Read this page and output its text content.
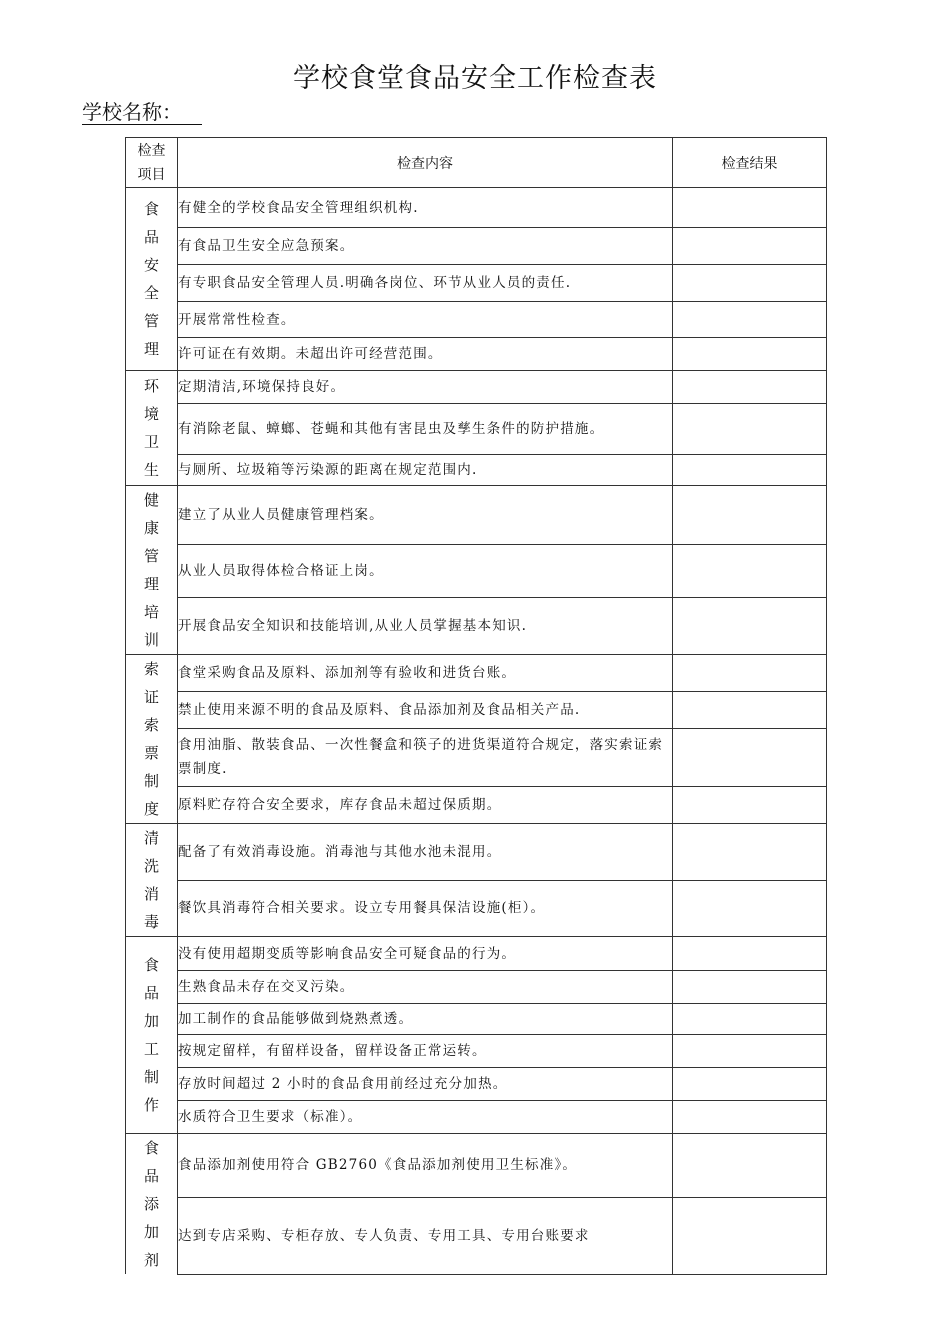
学校食堂食品安全工作检查表
学校名称：
检查项目	检查内容	检查结果
食品安全管理	有健全的学校食品安全管理组织机构.	
	有食品卫生安全应急预案。	
	有专职食品安全管理人员.明确各岗位、环节从业人员的责任.	
	开展常常性检查。	
	许可证在有效期。未超出许可经营范围。	
环境卫生	定期清洁,环境保持良好。	
	有消除老鼠、蟑螂、苍蝇和其他有害昆虫及孳生条件的防护措施。	
	与厕所、垃圾箱等污染源的距离在规定范围内.	
健康管理培训	建立了从业人员健康管理档案。	
	从业人员取得体检合格证上岗。	
	开展食品安全知识和技能培训,从业人员掌握基本知识.	
索证索票制度	食堂采购食品及原料、添加剂等有验收和进货台账。	
	禁止使用来源不明的食品及原料、食品添加剂及食品相关产品.	
	食用油脂、散装食品、一次性餐盒和筷子的进货渠道符合规定，落实索证索票制度.	
	原料贮存符合安全要求，库存食品未超过保质期。	
清洗消毒	配备了有效消毒设施。消毒池与其他水池未混用。	
	餐饮具消毒符合相关要求。设立专用餐具保洁设施(柜）。	
食品加工制作	没有使用超期变质等影响食品安全可疑食品的行为。	
	生熟食品未存在交叉污染。	
	加工制作的食品能够做到烧熟煮透。	
	按规定留样，有留样设备，留样设备正常运转。	
	存放时间超过 2 小时的食品食用前经过充分加热。	
	水质符合卫生要求（标准）。	
食品添加剂	食品添加剂使用符合 GB2760《食品添加剂使用卫生标准》。	
	达到专店采购、专柜存放、专人负责、专用工具、专用台账要求	
